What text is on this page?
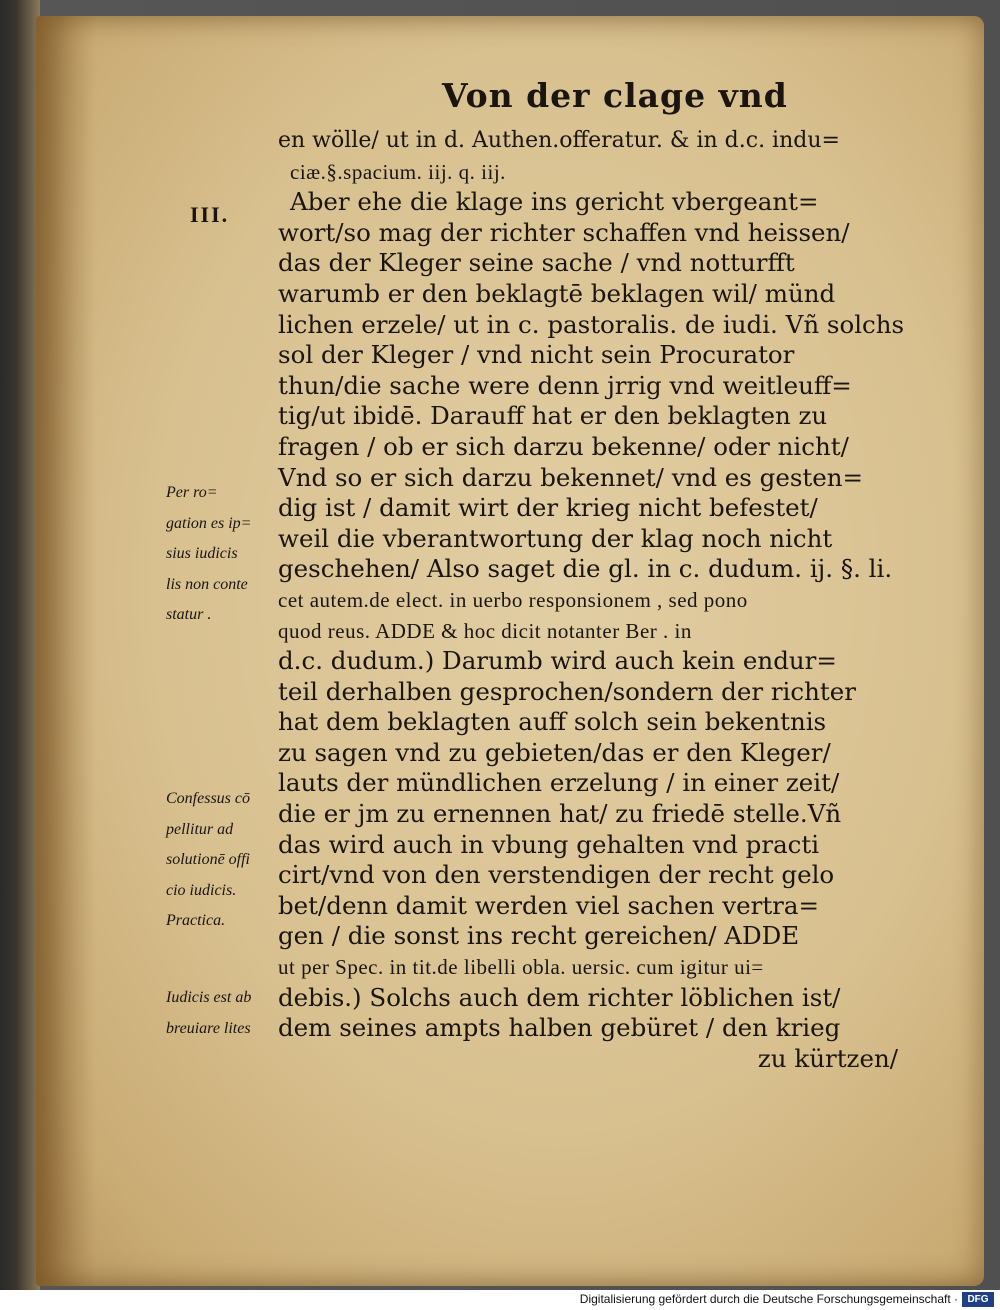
Von der clage vnd
III.
en wölle/ ut in d. Authen.offeratur. & in d.c. indu=
ciæ.§.spacium. iij. q. iij.
Aber ehe die klage ins gericht vbergeant=
wort/so mag der richter schaffen vnd heissen/
das der Kleger seine sache / vnd notturfft
warumb er den beklagtē beklagen wil/ münd
lichen erzele/ ut in c. pastoralis. de iudi. Vñ solchs
sol der Kleger / vnd nicht sein Procurator
thun/die sache were denn jrrig vnd weitleuff=
tig/ut ibidē. Darauff hat er den beklagten zu
fragen / ob er sich darzu bekenne/ oder nicht/
Vnd so er sich darzu bekennet/ vnd es gesten=
dig ist / damit wirt der krieg nicht befestet/
weil die vberantwortung der klag noch nicht
geschehen/ Also saget die gl. in c. dudum. ij. §. li.
cet autem.de elect. in uerbo responsionem , sed pono
quod reus. ADDE & hoc dicit notanter Ber . in
d.c. dudum.) Darumb wird auch kein endur=
teil derhalben gesprochen/sondern der richter
hat dem beklagten auff solch sein bekentnis
zu sagen vnd zu gebieten/das er den Kleger/
lauts der mündlichen erzelung / in einer zeit/
die er jm zu ernennen hat/ zu friedē stelle.Vñ
das wird auch in vbung gehalten vnd practi
cirt/vnd von den verstendigen der recht gelo
bet/denn damit werden viel sachen vertra=
gen / die sonst ins recht gereichen/ ADDE
ut per Spec. in tit.de libelli obla. uersic. cum igitur ui=
debis.) Solchs auch dem richter löblichen ist/
dem seines ampts halben gebüret / den krieg
zu kürtzen/
Per ro=
gation es ip=
sius iudicis
lis non conte
statur .
Confessus cō
pellitur ad
solutionē offi
cio iudicis.
Practica.
Iudicis est ab
breuiare lites
Digitalisierung gefördert durch die Deutsche Forschungsgemeinschaft · DFG
